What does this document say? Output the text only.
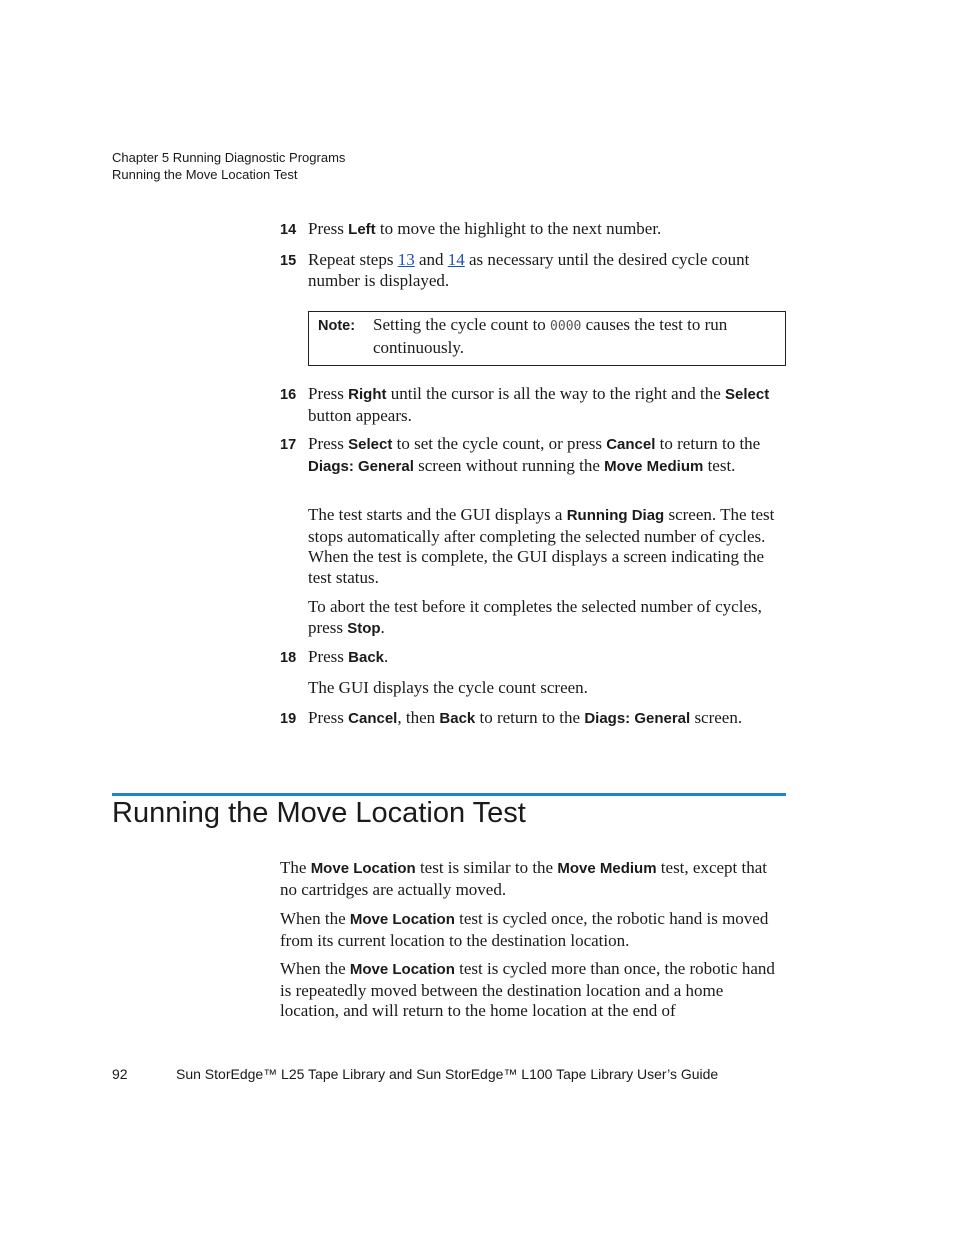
Chapter 5 Running Diagnostic Programs
Running the Move Location Test
14 Press Left to move the highlight to the next number.
15 Repeat steps 13 and 14 as necessary until the desired cycle count number is displayed.
Note: Setting the cycle count to 0000 causes the test to run continuously.
16 Press Right until the cursor is all the way to the right and the Select button appears.
17 Press Select to set the cycle count, or press Cancel to return to the Diags: General screen without running the Move Medium test.
The test starts and the GUI displays a Running Diag screen. The test stops automatically after completing the selected number of cycles. When the test is complete, the GUI displays a screen indicating the test status.
To abort the test before it completes the selected number of cycles, press Stop.
18 Press Back.
The GUI displays the cycle count screen.
19 Press Cancel, then Back to return to the Diags: General screen.
Running the Move Location Test
The Move Location test is similar to the Move Medium test, except that no cartridges are actually moved.
When the Move Location test is cycled once, the robotic hand is moved from its current location to the destination location.
When the Move Location test is cycled more than once, the robotic hand is repeatedly moved between the destination location and a home location, and will return to the home location at the end of
92	Sun StorEdge™ L25 Tape Library and Sun StorEdge™ L100 Tape Library User’s Guide
